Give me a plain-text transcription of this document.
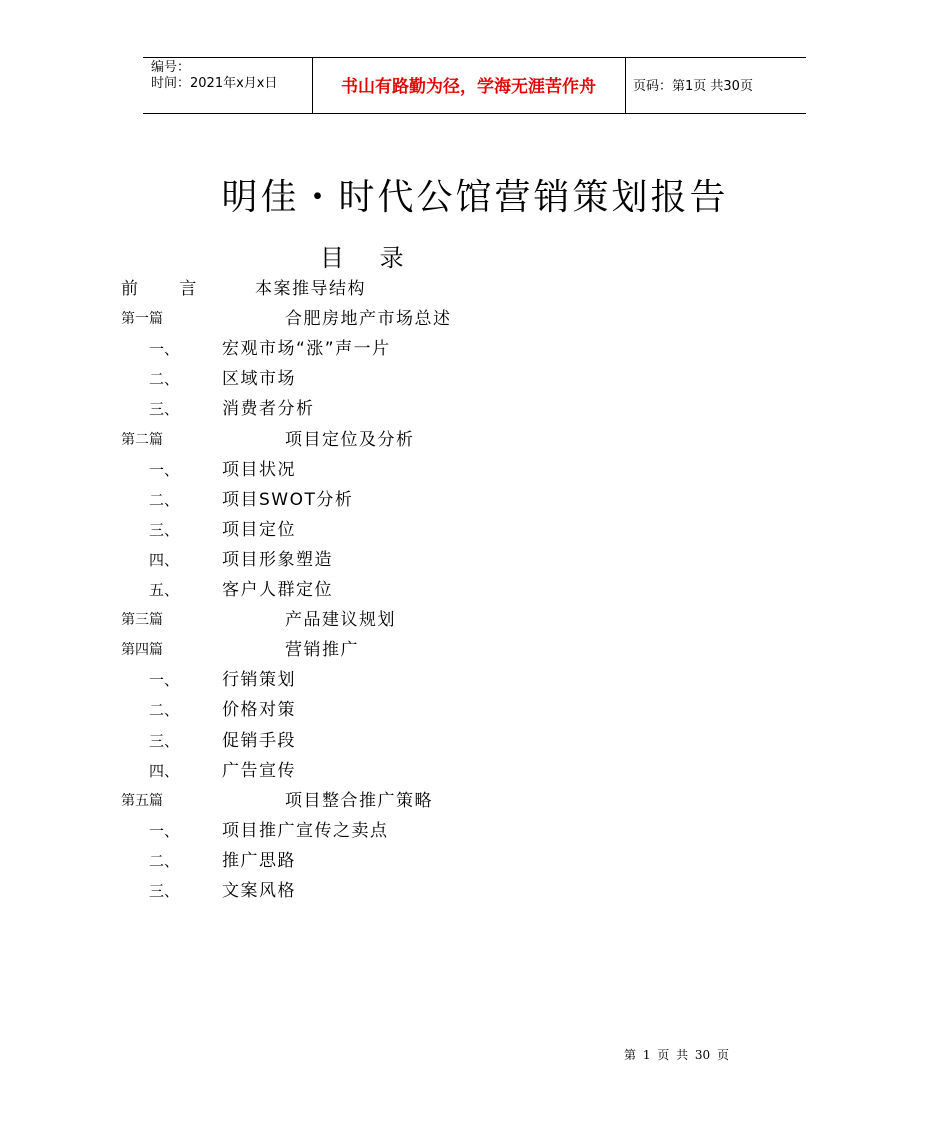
编号：
时间：2021年x月x日	书山有路勤为径，学海无涯苦作舟	页码：第1页 共30页
明佳・时代公馆营销策划报告
目 录
前 言 本案推导结构
第一篇	合肥房地产市场总述
一、	宏观市场“涨”声一片
二、	区域市场
三、	消费者分析
第二篇	项目定位及分析
一、	项目状况
二、	项目SWOT分析
三、	项目定位
四、	项目形象塑造
五、	客户人群定位
第三篇	产品建议规划
第四篇	营销推广
一、	行销策划
二、	价格对策
三、	促销手段
四、	广告宣传
第五篇	项目整合推广策略
一、	项目推广宣传之卖点
二、	推广思路
三、	文案风格
第 1 页 共 30 页
